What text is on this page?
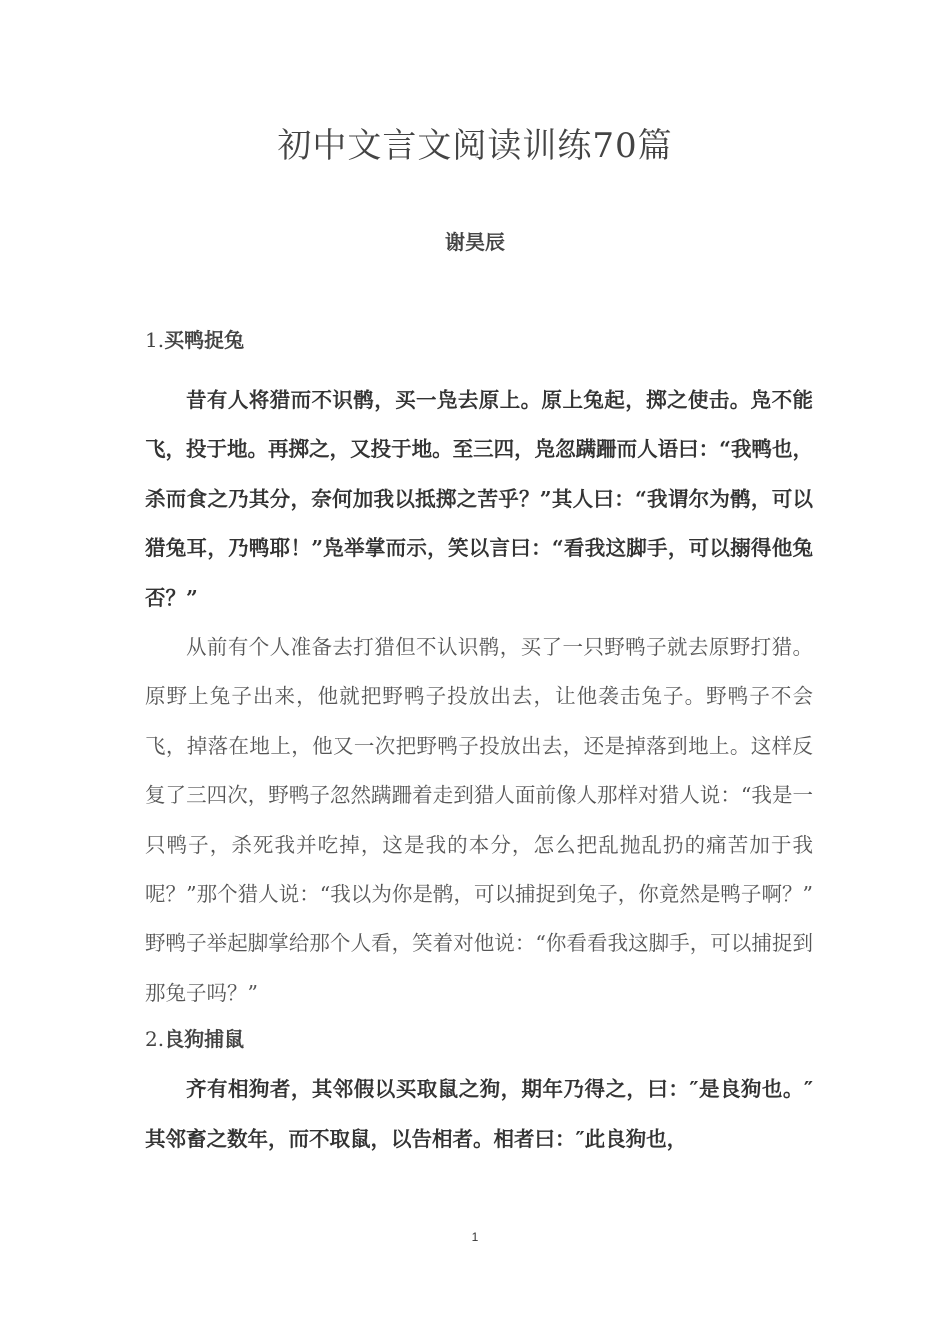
初中文言文阅读训练70篇
谢昊辰

1.买鸭捉兔

昔有人将猎而不识鹘，买一凫去原上。原上兔起，掷之使击。凫不能飞，投于地。再掷之，又投于地。至三四，凫忽蹒跚而人语曰：“我鸭也，杀而食之乃其分，奈何加我以抵掷之苦乎？”其人曰：“我谓尔为鹘，可以猎兔耳，乃鸭耶！”凫举掌而示，笑以言曰：“看我这脚手，可以搦得他兔否？”

从前有个人准备去打猎但不认识鹘，买了一只野鸭子就去原野打猎。原野上兔子出来，他就把野鸭子投放出去，让他袭击兔子。野鸭子不会飞，掉落在地上，他又一次把野鸭子投放出去，还是掉落到地上。这样反复了三四次，野鸭子忽然蹒跚着走到猎人面前像人那样对猎人说：“我是一只鸭子，杀死我并吃掉，这是我的本分，怎么把乱抛乱扔的痛苦加于我呢？”那个猎人说：“我以为你是鹘，可以捕捉到兔子，你竟然是鸭子啊？” 野鸭子举起脚掌给那个人看，笑着对他说：“你看看我这脚手，可以捕捉到那兔子吗？”

2.良狗捕鼠

齐有相狗者，其邻假以买取鼠之狗，期年乃得之，曰：″是良狗也。″ 其邻畜之数年，而不取鼠，以告相者。相者曰：″此良狗也，

1
